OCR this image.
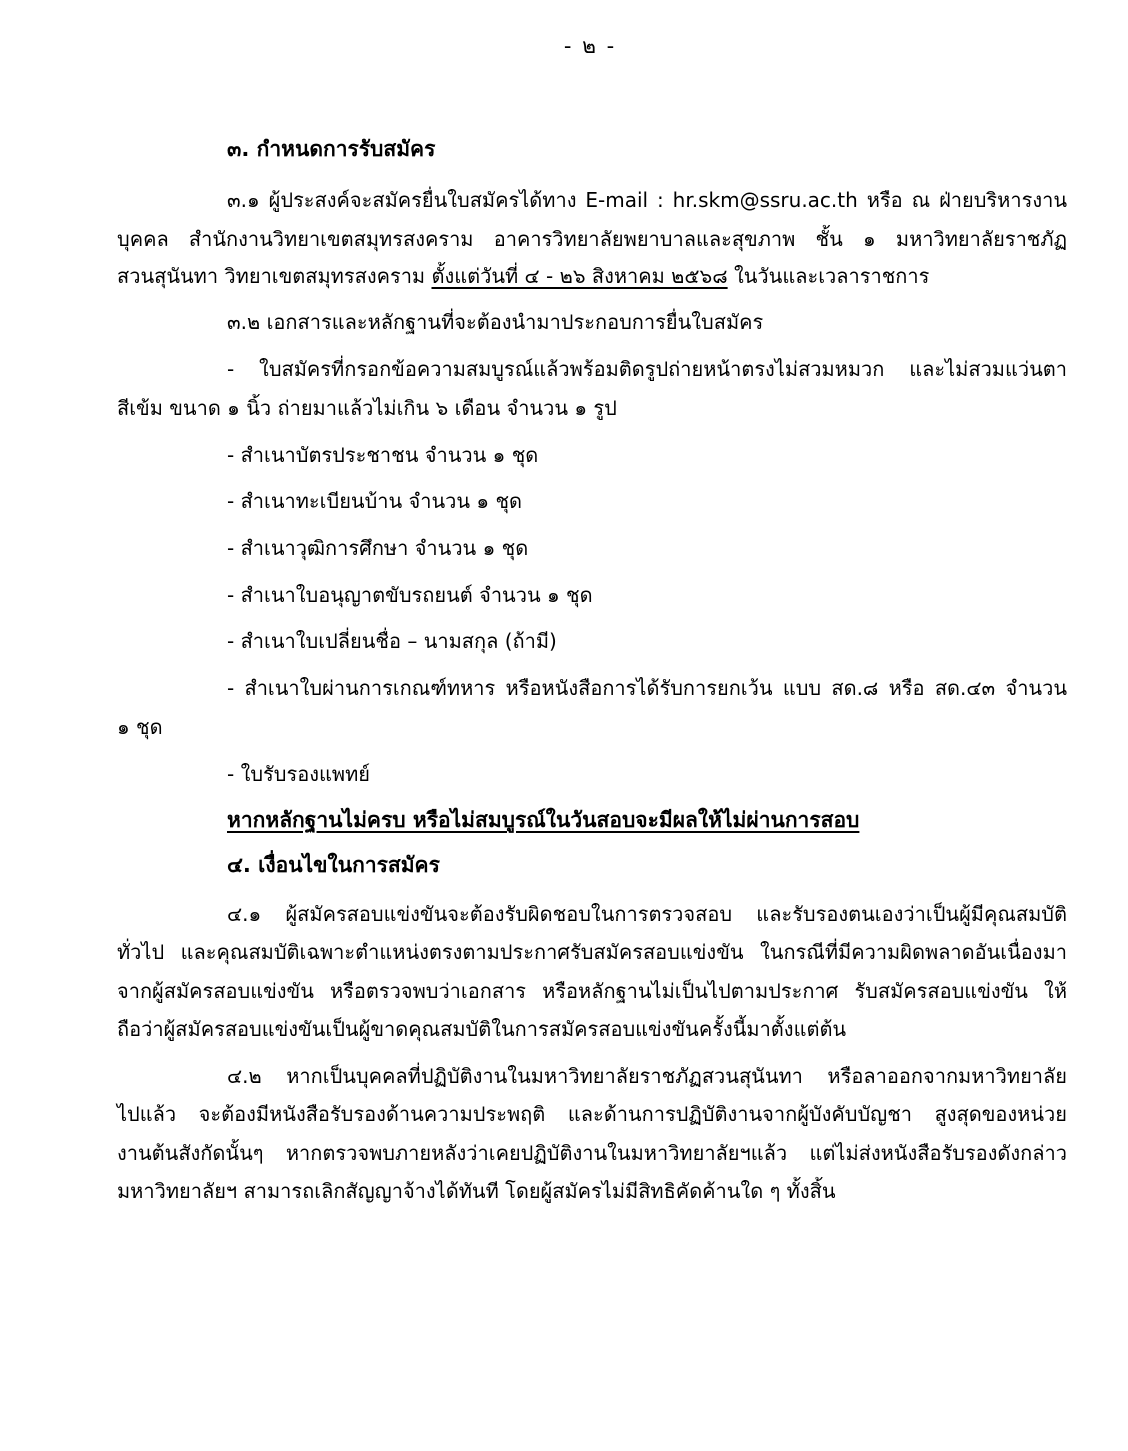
- ๒ -
๓. กำหนดการรับสมัคร
๓.๑ ผู้ประสงค์จะสมัครยื่นใบสมัครได้ทาง E-mail : hr.skm@ssru.ac.th หรือ ณ ฝ่ายบริหารงาน
บุคคล สำนักงานวิทยาเขตสมุทรสงคราม อาคารวิทยาลัยพยาบาลและสุขภาพ ชั้น ๑ มหาวิทยาลัยราชภัฏ
สวนสุนันทา วิทยาเขตสมุทรสงคราม ตั้งแต่วันที่ ๔ - ๒๖ สิงหาคม ๒๕๖๘ ในวันและเวลาราชการ
๓.๒ เอกสารและหลักฐานที่จะต้องนำมาประกอบการยื่นใบสมัคร
- ใบสมัครที่กรอกข้อความสมบูรณ์แล้วพร้อมติดรูปถ่ายหน้าตรงไม่สวมหมวก และไม่สวมแว่นตา
สีเข้ม ขนาด ๑ นิ้ว ถ่ายมาแล้วไม่เกิน ๖ เดือน จำนวน ๑ รูป
- สำเนาบัตรประชาชน จำนวน ๑ ชุด
- สำเนาทะเบียนบ้าน จำนวน ๑ ชุด
- สำเนาวุฒิการศึกษา จำนวน ๑ ชุด
- สำเนาใบอนุญาตขับรถยนต์ จำนวน ๑ ชุด
- สำเนาใบเปลี่ยนชื่อ – นามสกุล (ถ้ามี)
- สำเนาใบผ่านการเกณฑ์ทหาร หรือหนังสือการได้รับการยกเว้น แบบ สด.๘ หรือ สด.๔๓ จำนวน
๑ ชุด
- ใบรับรองแพทย์
หากหลักฐานไม่ครบ หรือไม่สมบูรณ์ในวันสอบจะมีผลให้ไม่ผ่านการสอบ
๔. เงื่อนไขในการสมัคร
๔.๑ ผู้สมัครสอบแข่งขันจะต้องรับผิดชอบในการตรวจสอบ และรับรองตนเองว่าเป็นผู้มีคุณสมบัติ
ทั่วไป และคุณสมบัติเฉพาะตำแหน่งตรงตามประกาศรับสมัครสอบแข่งขัน ในกรณีที่มีความผิดพลาดอันเนื่องมา
จากผู้สมัครสอบแข่งขัน หรือตรวจพบว่าเอกสาร หรือหลักฐานไม่เป็นไปตามประกาศ รับสมัครสอบแข่งขัน ให้
ถือว่าผู้สมัครสอบแข่งขันเป็นผู้ขาดคุณสมบัติในการสมัครสอบแข่งขันครั้งนี้มาตั้งแต่ต้น
๔.๒ หากเป็นบุคคลที่ปฏิบัติงานในมหาวิทยาลัยราชภัฏสวนสุนันทา หรือลาออกจากมหาวิทยาลัย
ไปแล้ว จะต้องมีหนังสือรับรองด้านความประพฤติ และด้านการปฏิบัติงานจากผู้บังคับบัญชา สูงสุดของหน่วย
งานต้นสังกัดนั้นๆ หากตรวจพบภายหลังว่าเคยปฏิบัติงานในมหาวิทยาลัยฯแล้ว แต่ไม่ส่งหนังสือรับรองดังกล่าว
มหาวิทยาลัยฯ สามารถเลิกสัญญาจ้างได้ทันที โดยผู้สมัครไม่มีสิทธิคัดค้านใด ๆ ทั้งสิ้น
